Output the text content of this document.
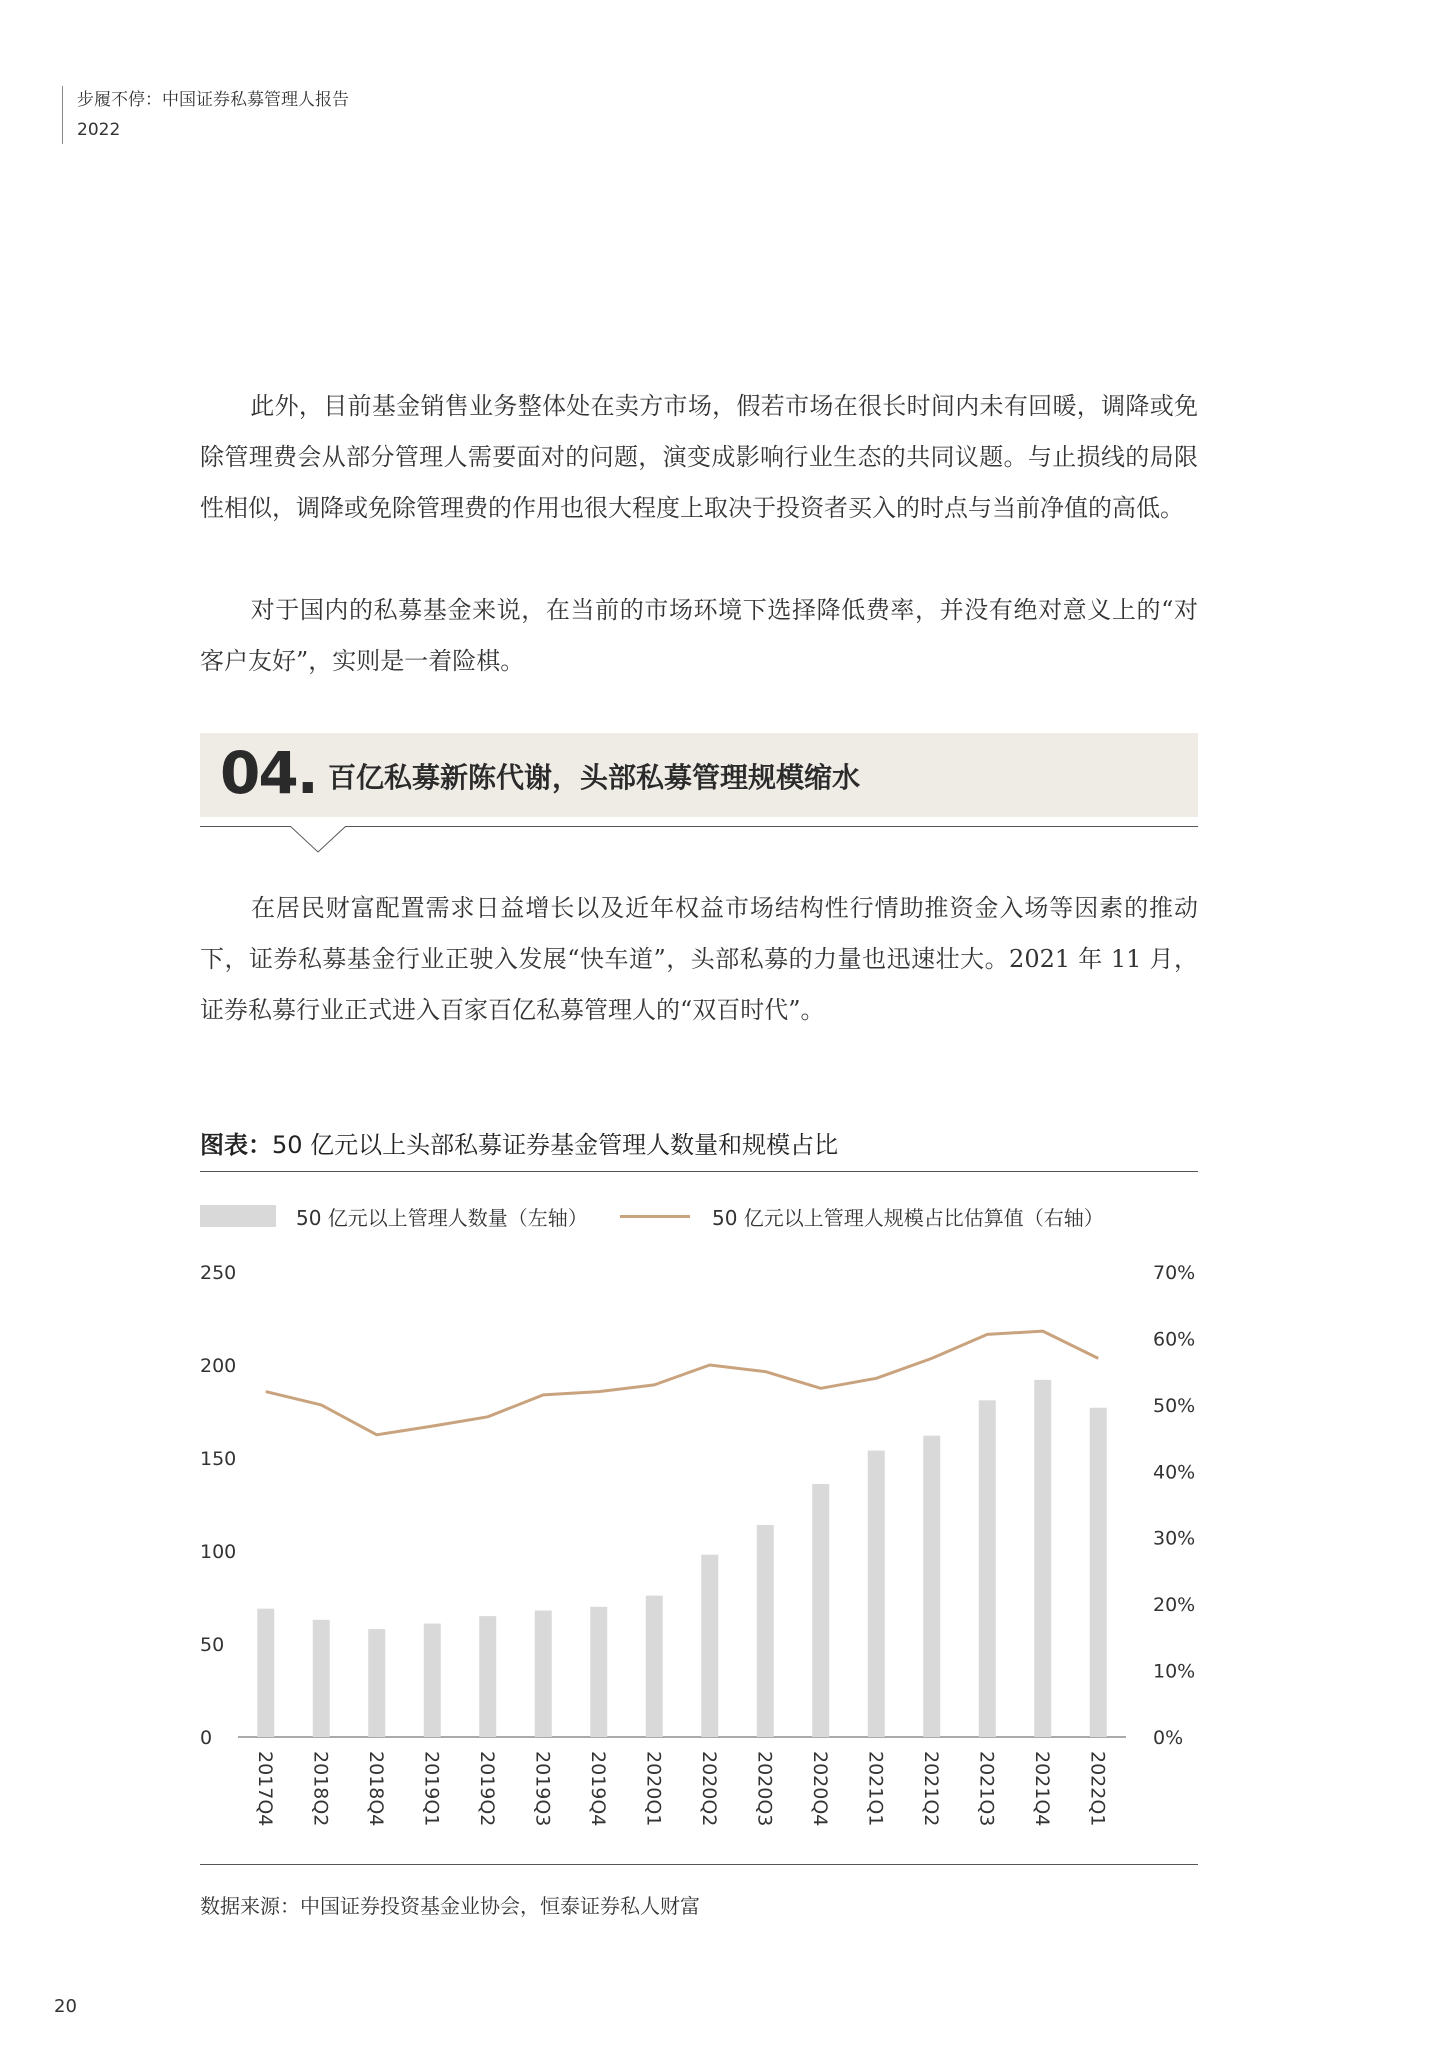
步履不停：中国证券私募管理人报告
2022

此外，目前基金销售业务整体处在卖方市场，假若市场在很长时间内未有回暖，调降或免除管理费会从部分管理人需要面对的问题，演变成影响行业生态的共同议题。与止损线的局限性相似，调降或免除管理费的作用也很大程度上取决于投资者买入的时点与当前净值的高低。

对于国内的私募基金来说，在当前的市场环境下选择降低费率，并没有绝对意义上的“对客户友好”，实则是一着险棋。

04. 百亿私募新陈代谢，头部私募管理规模缩水

在居民财富配置需求日益增长以及近年权益市场结构性行情助推资金入场等因素的推动下，证券私募基金行业正驶入发展“快车道”，头部私募的力量也迅速壮大。2021 年 11 月，证券私募行业正式进入百家百亿私募管理人的“双百时代”。

图表：50 亿元以上头部私募证券基金管理人数量和规模占比
50 亿元以上管理人数量（左轴）	50 亿元以上管理人规模占比估算值（右轴）
0
50
100
150
200
250
0%
10%
20%
30%
40%
50%
60%
70%
2017Q4 2018Q2 2018Q4 2019Q1 2019Q2 2019Q3 2019Q4 2020Q1 2020Q2 2020Q3 2020Q4 2021Q1 2021Q2 2021Q3 2021Q4 2022Q1
数据来源：中国证券投资基金业协会，恒泰证券私人财富
20
